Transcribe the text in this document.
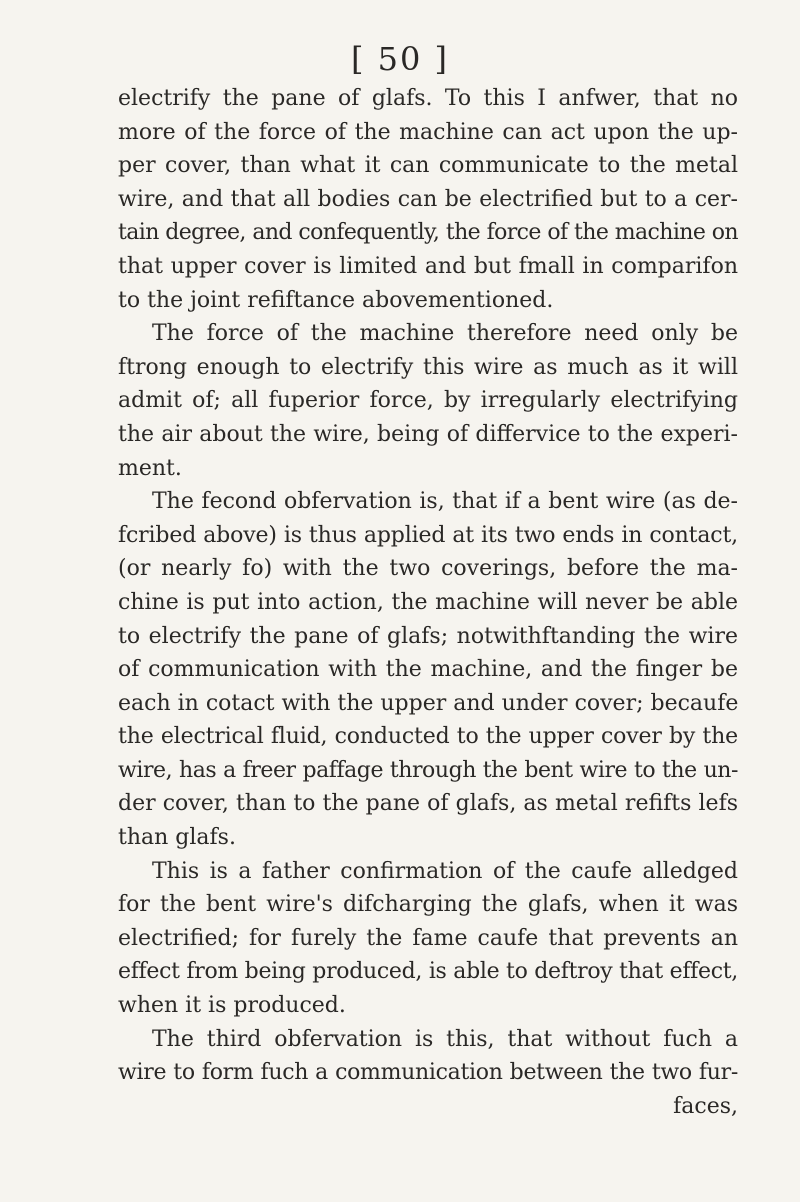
[ 50 ]
electrify the pane of glafs. To this I anfwer, that no
more of the force of the machine can act upon the up-
per cover, than what it can communicate to the metal
wire, and that all bodies can be electrified but to a cer-
tain degree, and confequently, the force of the machine on
that upper cover is limited and but fmall in comparifon
to the joint refiftance abovementioned.
The force of the machine therefore need only be
ftrong enough to electrify this wire as much as it will
admit of; all fuperior force, by irregularly electrifying
the air about the wire, being of differvice to the experi-
ment.
The fecond obfervation is, that if a bent wire (as de-
fcribed above) is thus applied at its two ends in contact,
(or nearly fo) with the two coverings, before the ma-
chine is put into action, the machine will never be able
to electrify the pane of glafs; notwithftanding the wire
of communication with the machine, and the finger be
each in cotact with the upper and under cover; becaufe
the electrical fluid, conducted to the upper cover by the
wire, has a freer paffage through the bent wire to the un-
der cover, than to the pane of glafs, as metal refifts lefs
than glafs.
This is a father confirmation of the caufe alledged
for the bent wire's difcharging the glafs, when it was
electrified; for furely the fame caufe that prevents an
effect from being produced, is able to deftroy that effect,
when it is produced.
The third obfervation is this, that without fuch a
wire to form fuch a communication between the two fur-
faces,
